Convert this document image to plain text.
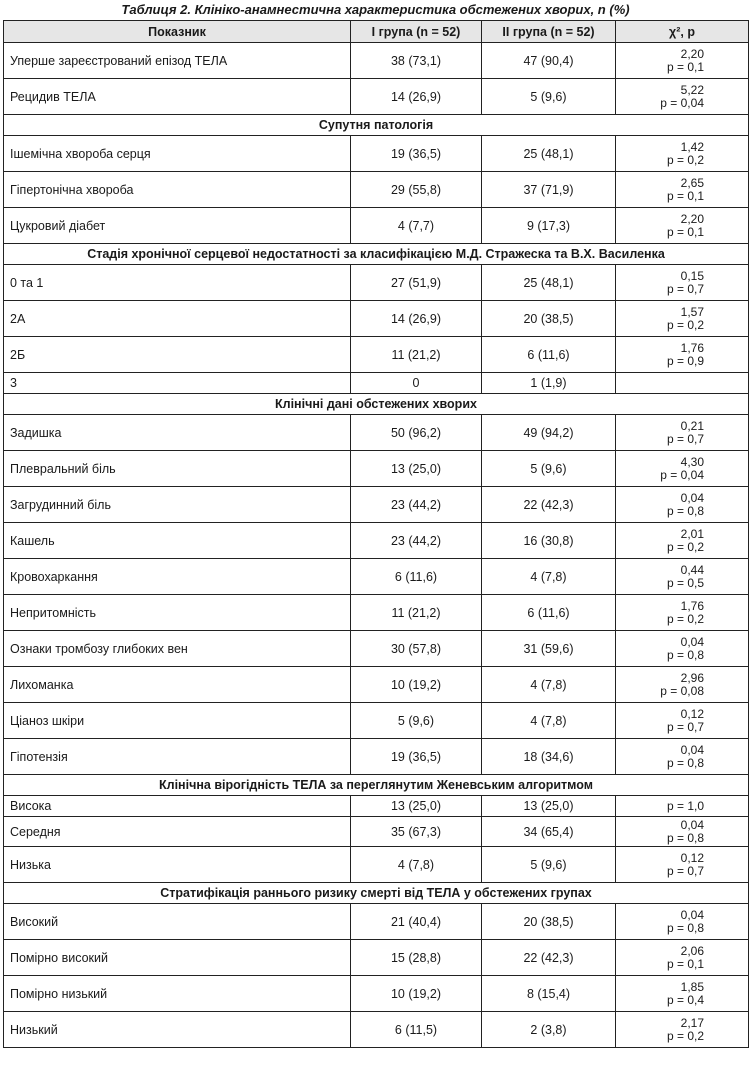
Таблиця 2. Клініко-анамнестична характеристика обстежених хворих, n (%)
Показник	І група (n = 52)	ІІ група (n = 52)	χ², p
Уперше зареєстрований епізод ТЕЛА	38 (73,1)	47 (90,4)	2,20
p = 0,1

Рецидив ТЕЛА	14 (26,9)	5 (9,6)	5,22
p = 0,04

Супутня патологія			
Ішемічна хвороба серця	19 (36,5)	25 (48,1)	1,42
p = 0,2

Гіпертонічна хвороба	29 (55,8)	37 (71,9)	2,65
p = 0,1

Цукровий діабет	4 (7,7)	9 (17,3)	2,20
p = 0,1

Стадія хронічної серцевої недостатності за класифікацією М.Д. Стражеска та В.Х. Василенка			
0 та 1	27 (51,9)	25 (48,1)	0,15
p = 0,7

2А	14 (26,9)	20 (38,5)	1,57
p = 0,2

2Б	11 (21,2)	6 (11,6)	1,76
p = 0,9

3	0	1 (1,9)	

Клінічні дані обстежених хворих			
Задишка	50 (96,2)	49 (94,2)	0,21
p = 0,7

Плевральний біль	13 (25,0)	5 (9,6)	4,30
p = 0,04

Загрудинний біль	23 (44,2)	22 (42,3)	0,04
p = 0,8

Кашель	23 (44,2)	16 (30,8)	2,01
p = 0,2

Кровохаркання	6 (11,6)	4 (7,8)	0,44
p = 0,5

Непритомність	11 (21,2)	6 (11,6)	1,76
p = 0,2

Ознаки тромбозу глибоких вен	30 (57,8)	31 (59,6)	0,04
p = 0,8

Лихоманка	10 (19,2)	4 (7,8)	2,96
p = 0,08

Ціаноз шкіри	5 (9,6)	4 (7,8)	0,12
p = 0,7

Гіпотензія	19 (36,5)	18 (34,6)	0,04
p = 0,8

Клінічна вірогідність ТЕЛА за переглянутим Женевським алгоритмом			
Висока	13 (25,0)	13 (25,0)	p = 1,0

Середня	35 (67,3)	34 (65,4)	0,04
p = 0,8

Низька	4 (7,8)	5 (9,6)	0,12
p = 0,7

Стратифікація раннього ризику смерті від ТЕЛА у обстежених групах			
Високий	21 (40,4)	20 (38,5)	0,04
p = 0,8

Помірно високий	15 (28,8)	22 (42,3)	2,06
p = 0,1

Помірно низький	10 (19,2)	8 (15,4)	1,85
p = 0,4

Низький	6 (11,5)	2 (3,8)	2,17
p = 0,2
